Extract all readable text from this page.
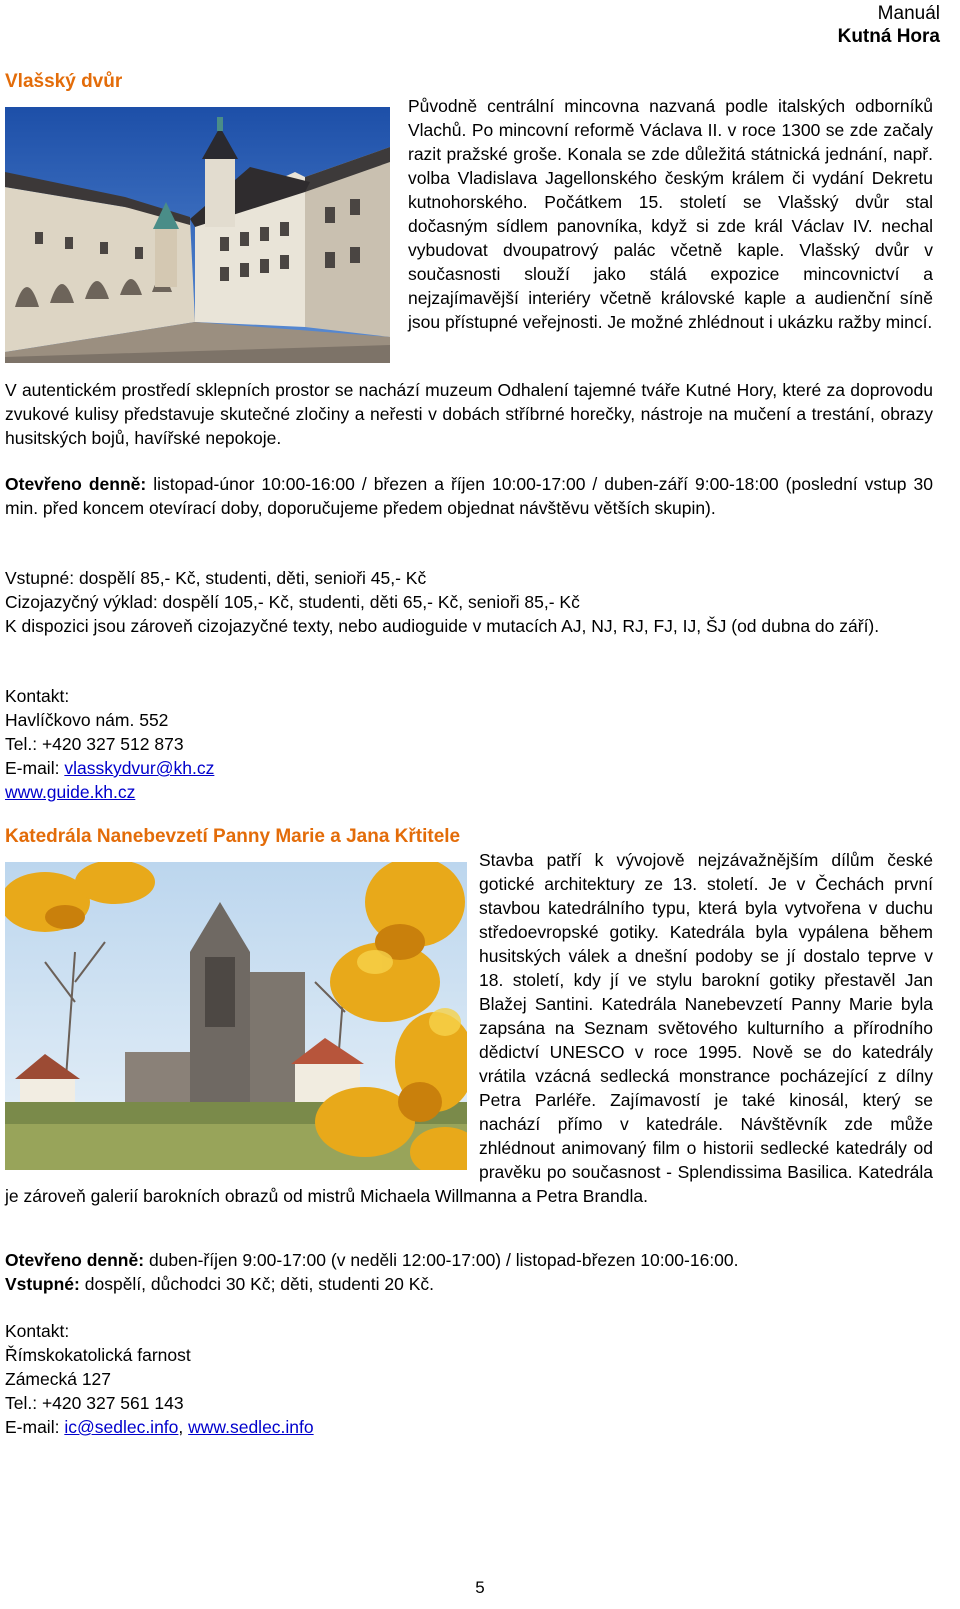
Manuál
Kutná Hora
Vlašský dvůr
Původně centrální mincovna nazvaná podle italských odborníků Vlachů. Po mincovní reformě Václava II. v roce 1300 se zde začaly razit pražské groše. Konala se zde důležitá státnická jednání, např. volba Vladislava Jagellonského českým králem či vydání Dekretu kutnohorského. Počátkem 15. století se Vlašský dvůr stal dočasným sídlem panovníka, když si zde král Václav IV. nechal vybudovat dvoupatrový palác včetně kaple. Vlašský dvůr v současnosti slouží jako stálá expozice mincovnictví a nejzajímavější interiéry včetně královské kaple a audienční síně jsou přístupné veřejnosti. Je možné zhlédnout i ukázku ražby mincí.
V autentickém prostředí sklepních prostor se nachází muzeum Odhalení tajemné tváře Kutné Hory, které za doprovodu zvukové kulisy představuje skutečné zločiny a neřesti v dobách stříbrné horečky, nástroje na mučení a trestání, obrazy husitských bojů, havířské nepokoje.
Otevřeno denně: listopad-únor 10:00-16:00 / březen a říjen 10:00-17:00 / duben-září 9:00-18:00 (poslední vstup 30 min. před koncem otevírací doby, doporučujeme předem objednat návštěvu větších skupin).
Vstupné: dospělí 85,- Kč, studenti, děti, senioři 45,- Kč
Cizojazyčný výklad: dospělí 105,- Kč, studenti, děti 65,- Kč, senioři 85,- Kč
K dispozici jsou zároveň cizojazyčné texty, nebo audioguide v mutacích AJ, NJ, RJ, FJ, IJ, ŠJ (od dubna do září).
Kontakt:
Havlíčkovo nám. 552
Tel.: +420 327 512 873
E-mail: vlasskydvur@kh.cz
www.guide.kh.cz
Katedrála Nanebevzetí Panny Marie a Jana Křtitele
Stavba patří k vývojově nejzávažnějším dílům české gotické architektury ze 13. století. Je v Čechách první stavbou katedrálního typu, která byla vytvořena v duchu středoevropské gotiky. Katedrála byla vypálena během husitských válek a dnešní podoby se jí dostalo teprve v 18. století, kdy jí ve stylu barokní gotiky přestavěl Jan Blažej Santini. Katedrála Nanebevzetí Panny Marie byla zapsána na Seznam světového kulturního a přírodního dědictví UNESCO v roce 1995. Nově se do katedrály vrátila vzácná sedlecká monstrance pocházející z dílny Petra Parléře. Zajímavostí je také kinosál, který se nachází přímo v katedrále. Návštěvník zde může zhlédnout animovaný film o historii sedlecké katedrály od pravěku po současnost - Splendissima Basilica. Katedrála je zároveň galerií barokních obrazů od mistrů Michaela Willmanna a Petra Brandla.
Otevřeno denně: duben-říjen 9:00-17:00 (v neděli 12:00-17:00) / listopad-březen 10:00-16:00.
Vstupné: dospělí, důchodci 30 Kč; děti, studenti 20 Kč.
Kontakt:
Římskokatolická farnost
Zámecká 127
Tel.: +420 327 561 143
E-mail: ic@sedlec.info, www.sedlec.info
5
